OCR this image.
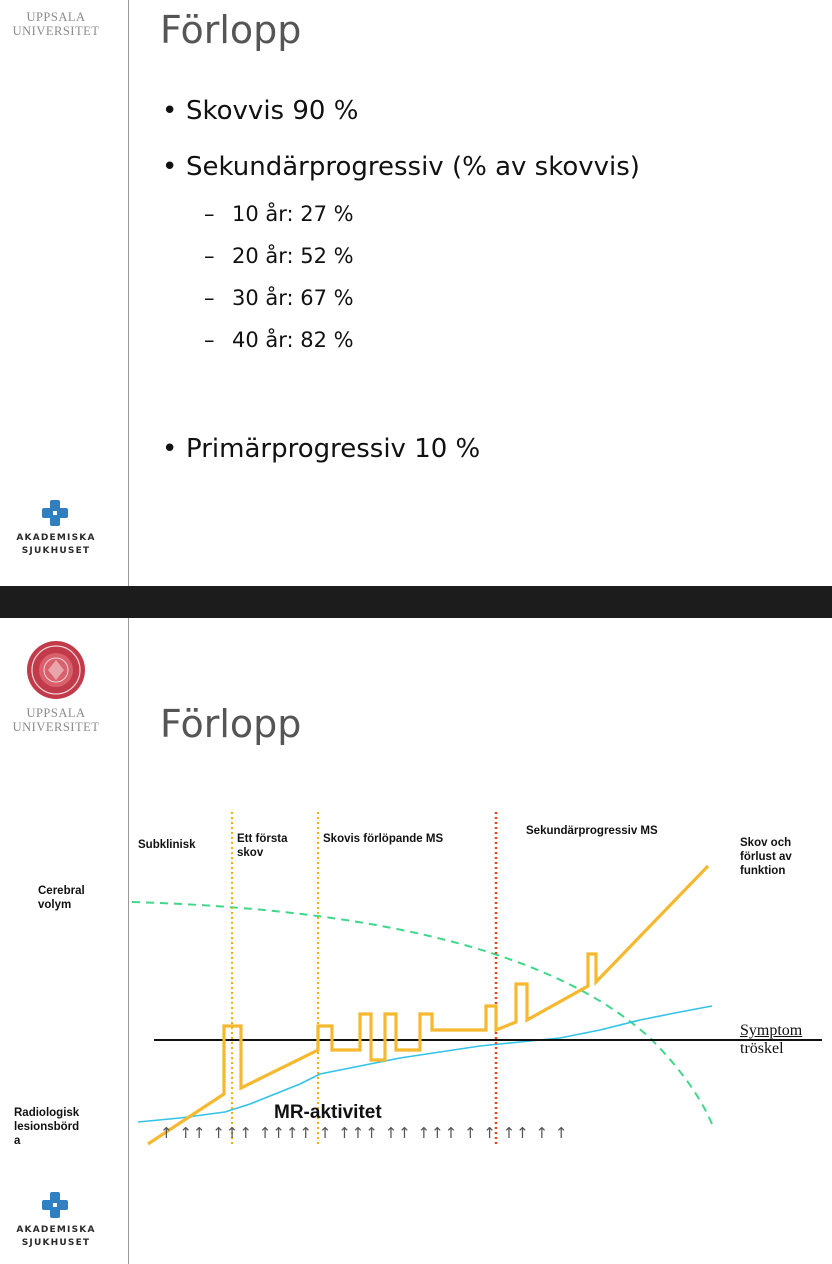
UPPSALA
UNIVERSITET	Förlopp
• Skovvis 90 %
• Sekundärprogressiv (% av skovvis)
– 10 år: 27 %
– 20 år: 52 %
– 30 år: 67 %
– 40 år: 82 %
• Primärprogressiv 10 %
AKADEMISKA
SJUKHUSET
UPPSALA
UNIVERSITET	Förlopp
Subklinisk	Ett första
skov
Skovis förlöpande MS
Sekundärprogressiv MS
Skov och
förlust av
funktion
Cerebral
volym
Radiologisk
lesionsbörd
a
Symptom
tröskel
↑ ↑↑ ↑↑↑ ↑↑↑↑ ↑ ↑↑↑ ↑↑ ↑↑↑ ↑ ↑ ↑↑ ↑ ↑
MR-aktivitet
AKADEMISKA
SJUKHUSET
